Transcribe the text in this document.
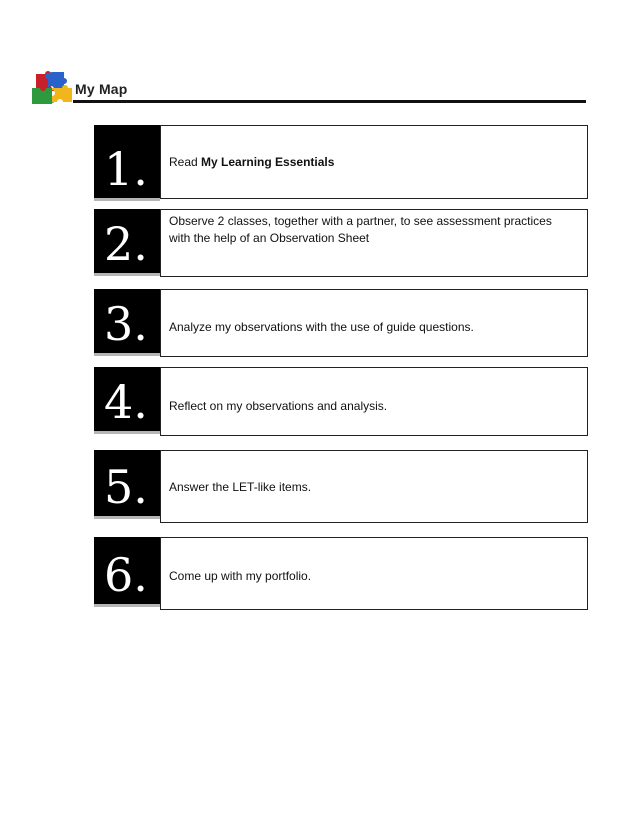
My Map
1. Read My Learning Essentials
2. Observe 2 classes, together with a partner, to see assessment practices
with the help of an Observation Sheet
3. Analyze my observations with the use of guide questions.
4. Reflect on my observations and analysis.
5. Answer the LET-like items.
6. Come up with my portfolio.
